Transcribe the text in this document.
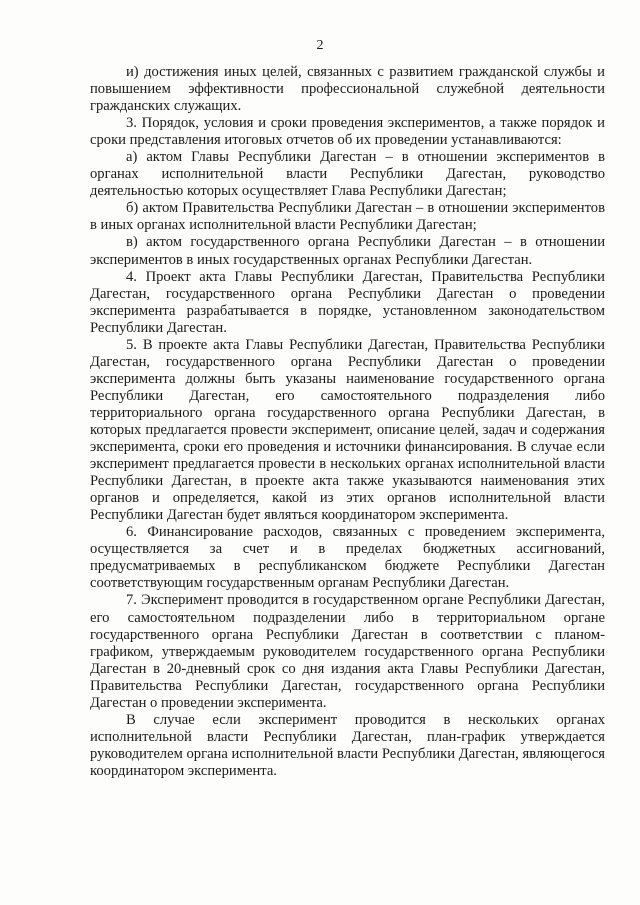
2

и) достижения иных целей, связанных с развитием гражданской службы и повышением эффективности профессиональной служебной деятельности гражданских служащих.

3. Порядок, условия и сроки проведения экспериментов, а также порядок и сроки представления итоговых отчетов об их проведении устанавливаются:

а) актом Главы Республики Дагестан – в отношении экспериментов в органах исполнительной власти Республики Дагестан, руководство деятельностью которых осуществляет Глава Республики Дагестан;

б) актом Правительства Республики Дагестан – в отношении экспериментов в иных органах исполнительной власти Республики Дагестан;

в) актом государственного органа Республики Дагестан – в отношении экспериментов в иных государственных органах Республики Дагестан.

4. Проект акта Главы Республики Дагестан, Правительства Республики Дагестан, государственного органа Республики Дагестан о проведении эксперимента разрабатывается в порядке, установленном законодательством Республики Дагестан.

5. В проекте акта Главы Республики Дагестан, Правительства Республики Дагестан, государственного органа Республики Дагестан о проведении эксперимента должны быть указаны наименование государственного органа Республики Дагестан, его самостоятельного подразделения либо территориального органа государственного органа Республики Дагестан, в которых предлагается провести эксперимент, описание целей, задач и содержания эксперимента, сроки его проведения и источники финансирования. В случае если эксперимент предлагается провести в нескольких органах исполнительной власти Республики Дагестан, в проекте акта также указываются наименования этих органов и определяется, какой из этих органов исполнительной власти Республики Дагестан будет являться координатором эксперимента.

6. Финансирование расходов, связанных с проведением эксперимента, осуществляется за счет и в пределах бюджетных ассигнований, предусматриваемых в республиканском бюджете Республики Дагестан соответствующим государственным органам Республики Дагестан.

7. Эксперимент проводится в государственном органе Республики Дагестан, его самостоятельном подразделении либо в территориальном органе государственного органа Республики Дагестан в соответствии с планом-графиком, утверждаемым руководителем государственного органа Республики Дагестан в 20-дневный срок со дня издания акта Главы Республики Дагестан, Правительства Республики Дагестан, государственного органа Республики Дагестан о проведении эксперимента.

В случае если эксперимент проводится в нескольких органах исполнительной власти Республики Дагестан, план-график утверждается руководителем органа исполнительной власти Республики Дагестан, являющегося координатором эксперимента.
